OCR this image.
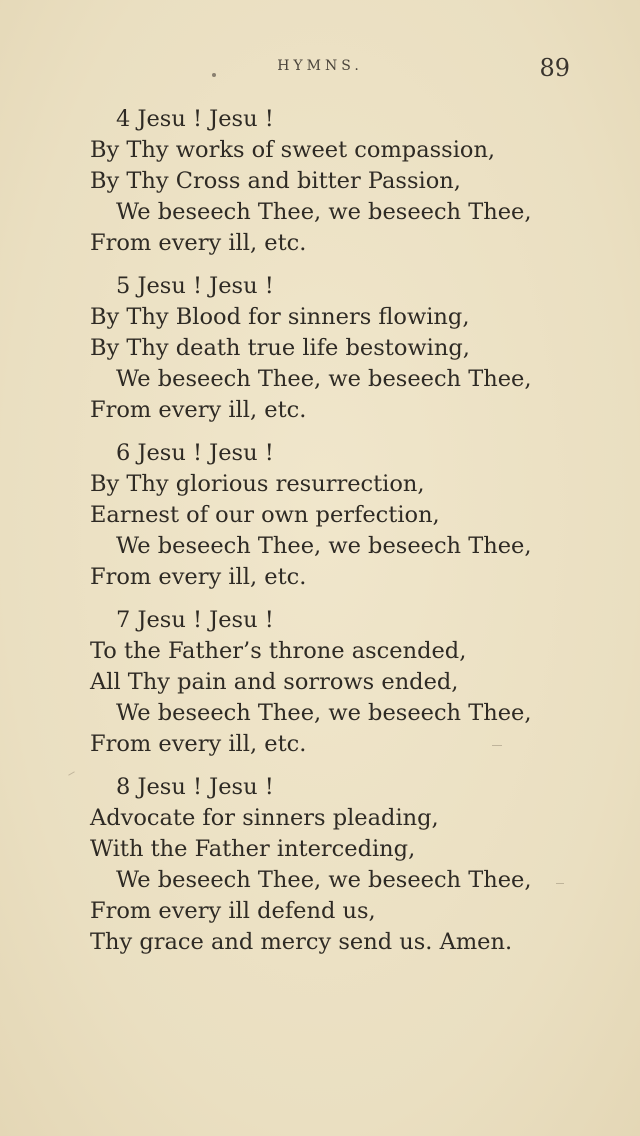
HYMNS.	89
4 Jesu ! Jesu !
By Thy works of sweet compassion,
By Thy Cross and bitter Passion,
We beseech Thee, we beseech Thee,
From every ill, etc.
5 Jesu ! Jesu !
By Thy Blood for sinners flowing,
By Thy death true life bestowing,
We beseech Thee, we beseech Thee,
From every ill, etc.
6 Jesu ! Jesu !
By Thy glorious resurrection,
Earnest of our own perfection,
We beseech Thee, we beseech Thee,
From every ill, etc.
7 Jesu ! Jesu !
To the Father’s throne ascended,
All Thy pain and sorrows ended,
We beseech Thee, we beseech Thee,
From every ill, etc.
8 Jesu ! Jesu !
Advocate for sinners pleading,
With the Father interceding,
We beseech Thee, we beseech Thee,
From every ill defend us,
Thy grace and mercy send us. Amen.
